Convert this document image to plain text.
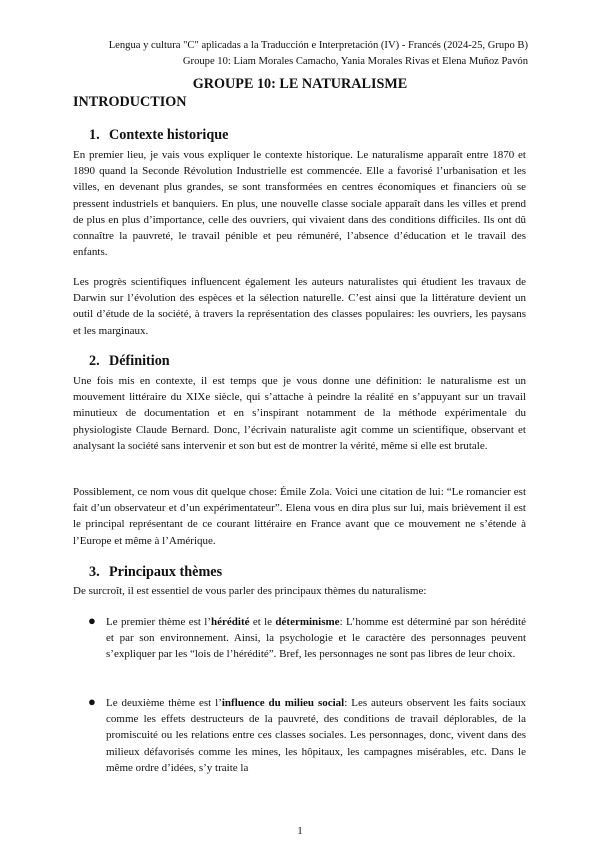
Lengua y cultura "C" aplicadas a la Traducción e Interpretación (IV) - Francés (2024-25, Grupo B)
Groupe 10: Liam Morales Camacho, Yania Morales Rivas et Elena Muñoz Pavón
GROUPE 10: LE NATURALISME
INTRODUCTION
1. Contexte historique

En premier lieu, je vais vous expliquer le contexte historique. Le naturalisme apparaît entre 1870 et 1890 quand la Seconde Révolution Industrielle est commencée. Elle a favorisé l’urbanisation et les villes, en devenant plus grandes, se sont transformées en centres économiques et financiers où se pressent industriels et banquiers. En plus, une nouvelle classe sociale apparaît dans les villes et prend de plus en plus d’importance, celle des ouvriers, qui vivaient dans des conditions difficiles. Ils ont dû connaître la pauvreté, le travail pénible et peu rémunéré, l’absence d’éducation et le travail des enfants.

Les progrès scientifiques influencent également les auteurs naturalistes qui étudient les travaux de Darwin sur l’évolution des espèces et la sélection naturelle. C’est ainsi que la littérature devient un outil d’étude de la société, à travers la représentation des classes populaires: les ouvriers, les paysans et les marginaux.

2. Définition

Une fois mis en contexte, il est temps que je vous donne une définition: le naturalisme est un mouvement littéraire du XIXe siècle, qui s’attache à peindre la réalité en s’appuyant sur un travail minutieux de documentation et en s’inspirant notamment de la méthode expérimentale du physiologiste Claude Bernard. Donc, l’écrivain naturaliste agit comme un scientifique, observant et analysant la société sans intervenir et son but est de montrer la vérité, même si elle est brutale.

Possiblement, ce nom vous dit quelque chose: Émile Zola. Voici une citation de lui: “Le romancier est fait d’un observateur et d’un expérimentateur”. Elena vous en dira plus sur lui, mais brièvement il est le principal représentant de ce courant littéraire en France avant que ce mouvement ne s’étende à l’Europe et même à l’Amérique.

3. Principaux thèmes

De surcroît, il est essentiel de vous parler des principaux thèmes du naturalisme:

● Le premier thème est l’hérédité et le déterminisme: L’homme est déterminé par son hérédité et par son environnement. Ainsi, la psychologie et le caractère des personnages peuvent s’expliquer par les “lois de l’hérédité”. Bref, les personnages ne sont pas libres de leur choix.

● Le deuxième thème est l’influence du milieu social: Les auteurs observent les faits sociaux comme les effets destructeurs de la pauvreté, des conditions de travail déplorables, de la promiscuité ou les relations entre ces classes sociales. Les personnages, donc, vivent dans des milieux défavorisés comme les mines, les hôpitaux, les campagnes misérables, etc. Dans le même ordre d’idées, s’y traite la

1
